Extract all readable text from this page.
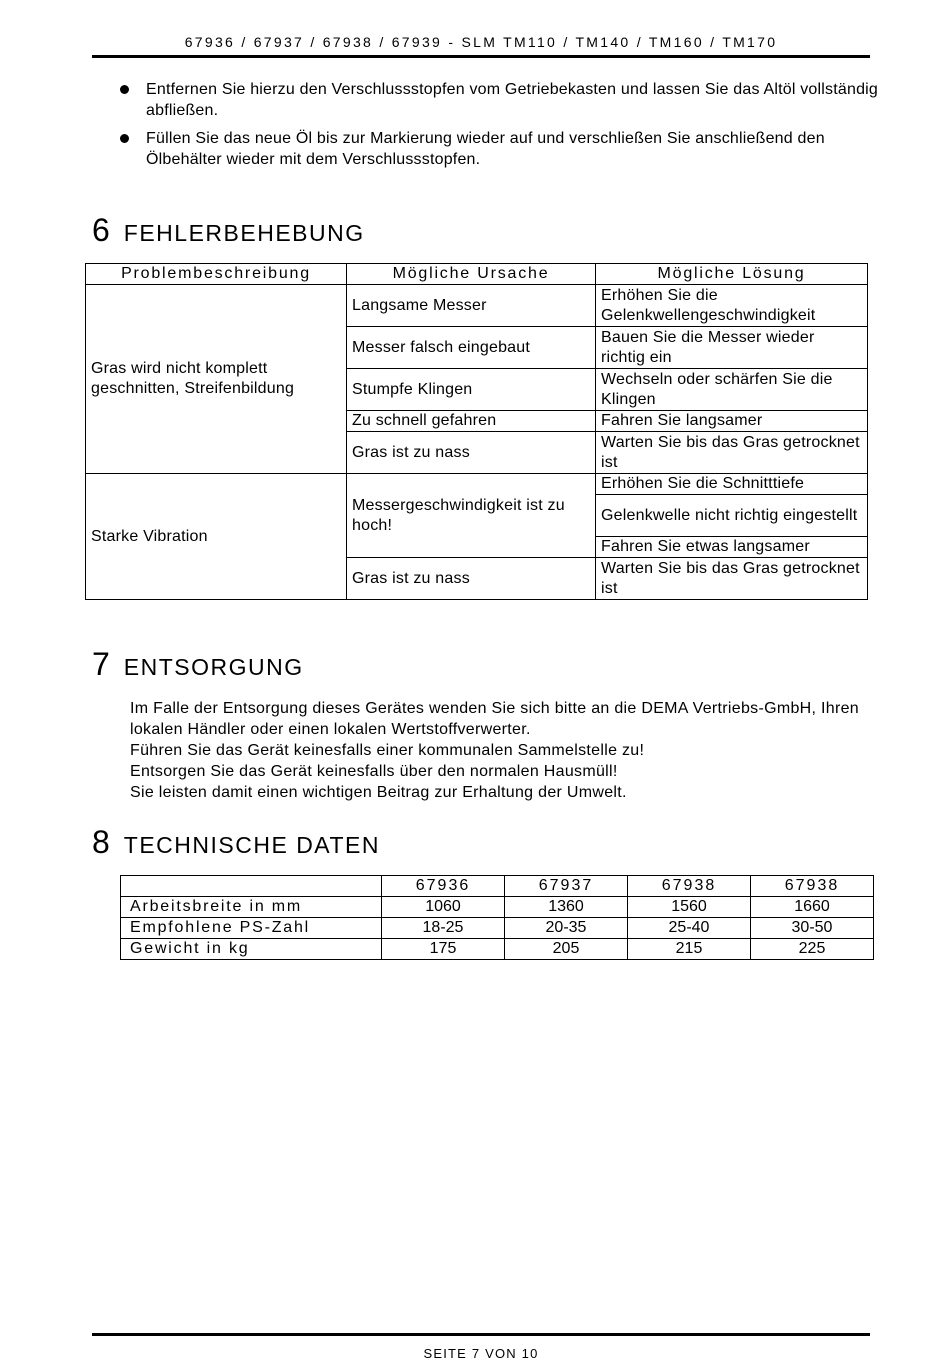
67936 / 67937 / 67938 / 67939 - SLM TM110 / TM140 / TM160 / TM170
Entfernen Sie hierzu den Verschlussstopfen vom Getriebekasten und lassen Sie das Altöl vollständig abfließen.
Füllen Sie das neue Öl bis zur Markierung wieder auf und verschließen Sie anschließend den Ölbehälter wieder mit dem Verschlussstopfen.
6 FEHLERBEHEBUNG
Problembeschreibung	Mögliche Ursache	Mögliche Lösung
Gras wird nicht komplett geschnitten, Streifenbildung	Langsame Messer	Erhöhen Sie die Gelenkwellengeschwindigkeit
	Messer falsch eingebaut	Bauen Sie die Messer wieder richtig ein
	Stumpfe Klingen	Wechseln oder schärfen Sie die Klingen
	Zu schnell gefahren	Fahren Sie langsamer
	Gras ist zu nass	Warten Sie bis das Gras getrocknet ist
Starke Vibration	Messergeschwindigkeit ist zu hoch!	Erhöhen Sie die Schnitttiefe
		Gelenkwelle nicht richtig eingestellt
		Fahren Sie etwas langsamer
	Gras ist zu nass	Warten Sie bis das Gras getrocknet ist
7 ENTSORGUNG

Im Falle der Entsorgung dieses Gerätes wenden Sie sich bitte an die DEMA Vertriebs-GmbH, Ihren lokalen Händler oder einen lokalen Wertstoffverwerter.

Führen Sie das Gerät keinesfalls einer kommunalen Sammelstelle zu!

Entsorgen Sie das Gerät keinesfalls über den normalen Hausmüll!

Sie leisten damit einen wichtigen Beitrag zur Erhaltung der Umwelt.

8 TECHNISCHE DATEN
	67936	67937	67938	67938
Arbeitsbreite in mm	1060	1360	1560	1660
Empfohlene PS-Zahl	18-25	20-35	25-40	30-50
Gewicht in kg	175	205	215	225
SEITE 7 VON 10
